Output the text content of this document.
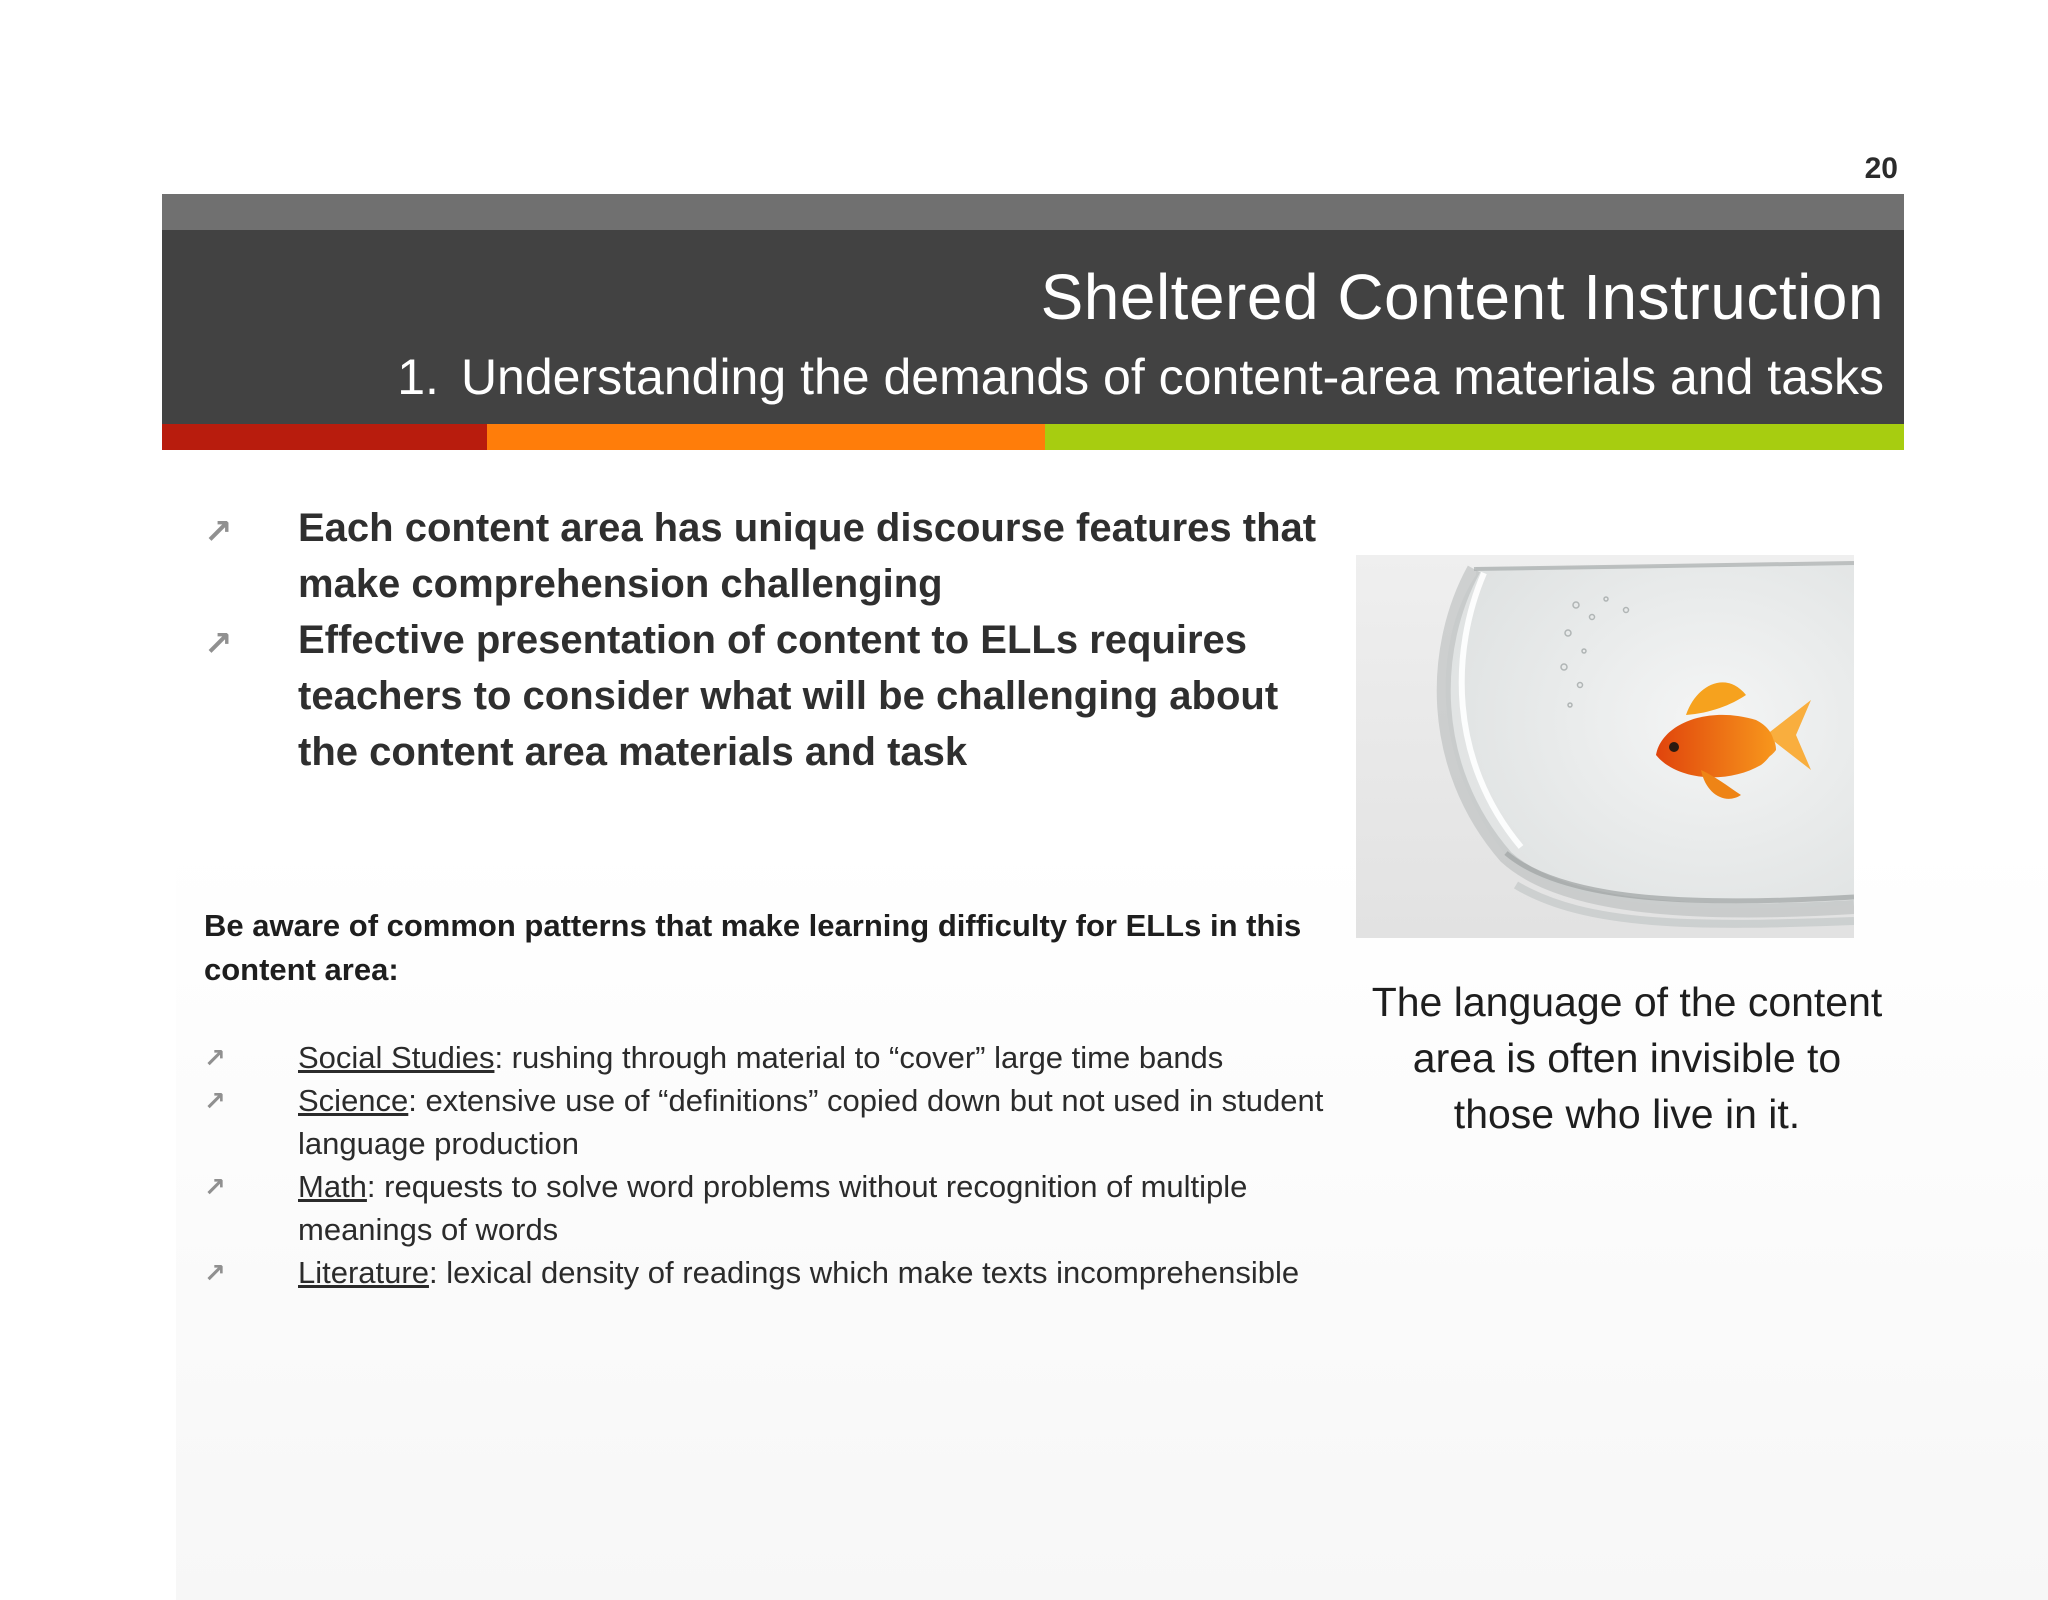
20
Sheltered Content Instruction
1. Understanding the demands of content-area materials and tasks
↗ Each content area has unique discourse features that make comprehension challenging
↗ Effective presentation of content to ELLs requires teachers to consider what will be challenging about the content area materials and task
Be aware of common patterns that make learning difficulty for ELLs in this content area:
↗ Social Studies: rushing through material to “cover” large time bands
↗ Science: extensive use of “definitions” copied down but not used in student language production
↗ Math: requests to solve word problems without recognition of multiple meanings of words
↗ Literature: lexical density of readings which make texts incomprehensible
The language of the content area is often invisible to those who live in it.
